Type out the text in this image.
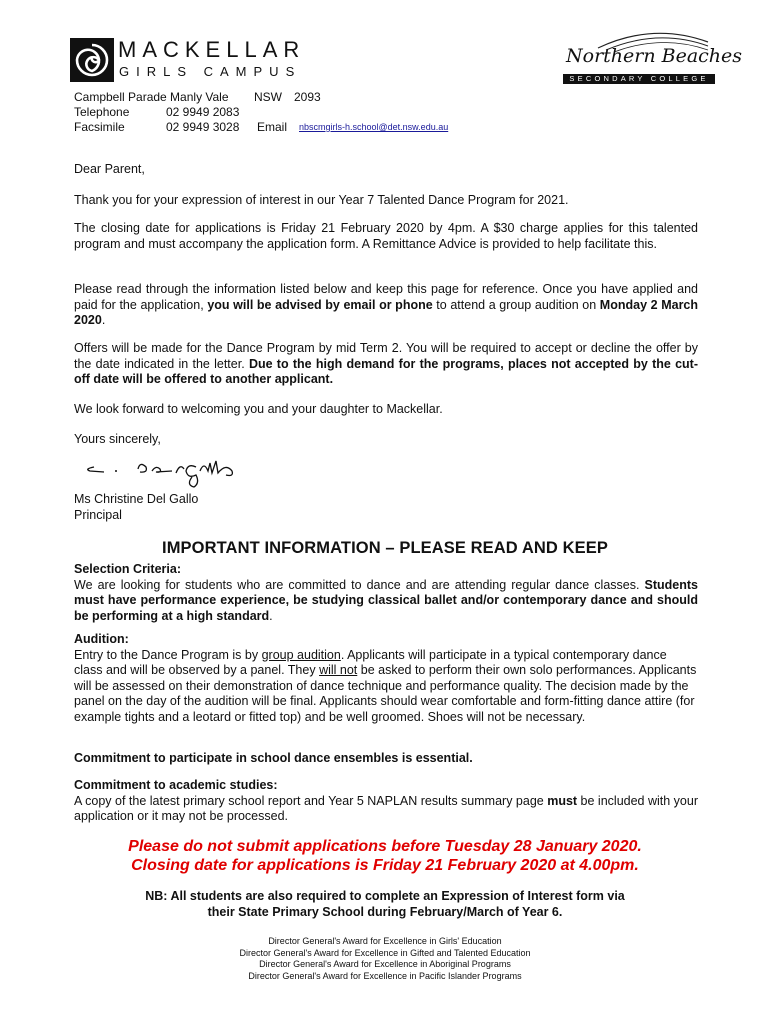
MACKELLAR
GIRLS CAMPUS
Northern Beaches
SECONDARY COLLEGE
Campbell Parade Manly Vale NSW 2093
Telephone	02 9949 2083
Facsimile	02 9949 3028 Email nbscmgirls-h.school@det.nsw.edu.au

Dear Parent,

Thank you for your expression of interest in our Year 7 Talented Dance Program for 2021.

The closing date for applications is Friday 21 February 2020 by 4pm. A $30 charge applies for this talented program and must accompany the application form. A Remittance Advice is provided to help facilitate this.

Please read through the information listed below and keep this page for reference. Once you have applied and paid for the application, you will be advised by email or phone to attend a group audition on Monday 2 March 2020.

Offers will be made for the Dance Program by mid Term 2. You will be required to accept or decline the offer by the date indicated in the letter. Due to the high demand for the programs, places not accepted by the cut-off date will be offered to another applicant.

We look forward to welcoming you and your daughter to Mackellar.

Yours sincerely,

Ms Christine Del Gallo

Principal

IMPORTANT INFORMATION – PLEASE READ AND KEEP

Selection Criteria:

We are looking for students who are committed to dance and are attending regular dance classes. Students must have performance experience, be studying classical ballet and/or contemporary dance and should be performing at a high standard.

Audition:

Entry to the Dance Program is by group audition. Applicants will participate in a typical contemporary dance class and will be observed by a panel. They will not be asked to perform their own solo performances. Applicants will be assessed on their demonstration of dance technique and performance quality. The decision made by the panel on the day of the audition will be final. Applicants should wear comfortable and form-fitting dance attire (for example tights and a leotard or fitted top) and be well groomed. Shoes will not be necessary.

Commitment to participate in school dance ensembles is essential.

Commitment to academic studies:

A copy of the latest primary school report and Year 5 NAPLAN results summary page must be included with your application or it may not be processed.

Please do not submit applications before Tuesday 28 January 2020.
Closing date for applications is Friday 21 February 2020 at 4.00pm.
NB: All students are also required to complete an Expression of Interest form via
their State Primary School during February/March of Year 6.
Director General's Award for Excellence in Girls' Education
Director General's Award for Excellence in Gifted and Talented Education
Director General's Award for Excellence in Aboriginal Programs
Director General's Award for Excellence in Pacific Islander Programs
